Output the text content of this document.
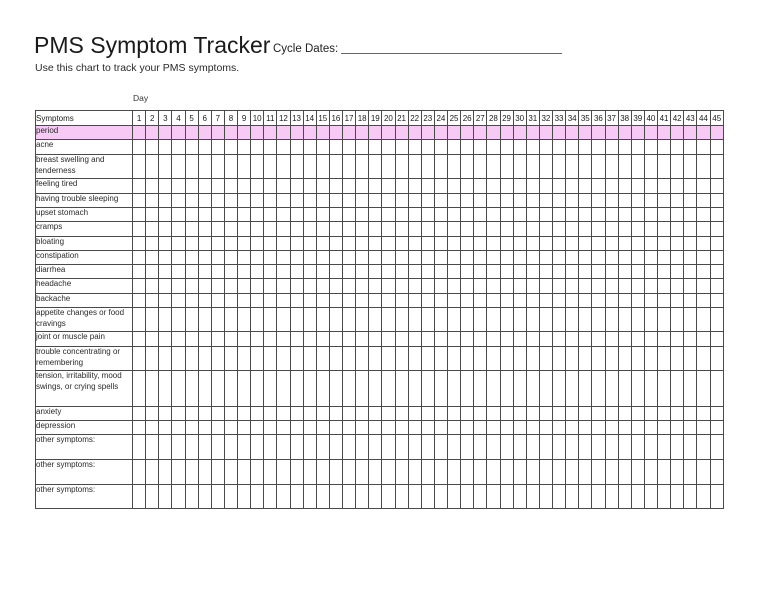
PMS Symptom Tracker Cycle Dates:
Use this chart to track your PMS symptoms.
Day
Symptoms	1	2	3	4	5	6	7	8	9	10	11	12	13	14	15	16	17	18	19	20	21	22	23	24	25	26	27	28	29	30	31	32	33	34	35	36	37	38	39	40	41	42	43	44	45
period																																													
acne																																													
breast swelling and tenderness																																													
feeling tired																																													
having trouble sleeping																																													
upset stomach																																													
cramps																																													
bloating																																													
constipation																																													
diarrhea																																													
headache																																													
backache																																													
appetite changes or food cravings																																													
joint or muscle pain																																													
trouble concentrating or remembering																																													
tension, irritability, mood swings, or crying spells																																													
anxiety																																													
depression																																													
other symptoms:																																													
other symptoms:																																													
other symptoms:																																													
